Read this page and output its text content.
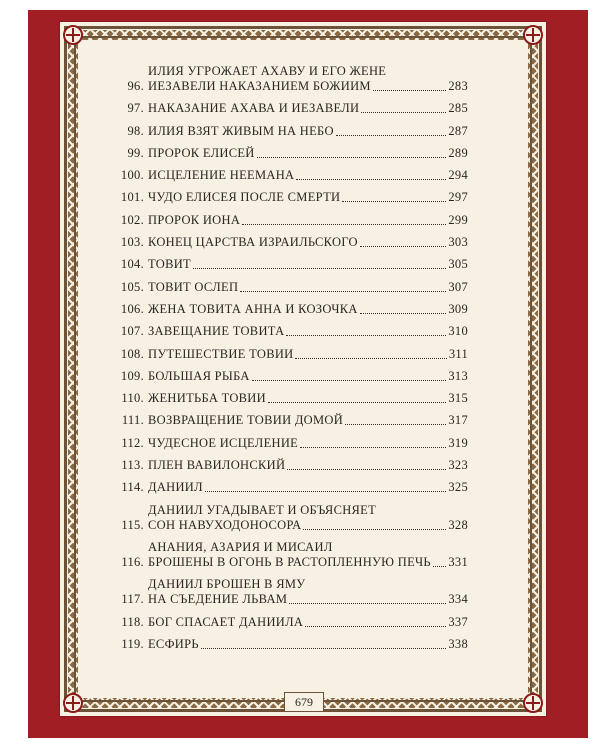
96.
ИЛИЯ УГРОЖАЕТ АХАВУ И ЕГО ЖЕНЕ
ИЕЗАВЕЛИ НАКАЗАНИЕМ БОЖИИМ	283
97. НАКАЗАНИЕ АХАВА И ИЕЗАВЕЛИ	285
98. ИЛИЯ ВЗЯТ ЖИВЫМ НА НЕБО	287
99. ПРОРОК ЕЛИСЕЙ	289
100. ИСЦЕЛЕНИЕ НЕЕМАНА	294
101. ЧУДО ЕЛИСЕЯ ПОСЛЕ СМЕРТИ	297
102. ПРОРОК ИОНА	299
103. КОНЕЦ ЦАРСТВА ИЗРАИЛЬСКОГО	303
104. ТОВИТ	305
105. ТОВИТ ОСЛЕП	307
106. ЖЕНА ТОВИТА АННА И КОЗОЧКА	309
107. ЗАВЕЩАНИЕ ТОВИТА	310
108. ПУТЕШЕСТВИЕ ТОВИИ	311
109. БОЛЬШАЯ РЫБА	313
110. ЖЕНИТЬБА ТОВИИ	315
111. ВОЗВРАЩЕНИЕ ТОВИИ ДОМОЙ	317
112. ЧУДЕСНОЕ ИСЦЕЛЕНИЕ	319
113. ПЛЕН ВАВИЛОНСКИЙ	323
114. ДАНИИЛ	325
115.
ДАНИИЛ УГАДЫВАЕТ И ОБЪЯСНЯЕТ
СОН НАВУХОДОНОСОРА	328
116.
АНАНИЯ, АЗАРИЯ И МИСАИЛ
БРОШЕНЫ В ОГОНЬ В РАСТОПЛЕННУЮ ПЕЧЬ 331
117.
ДАНИИЛ БРОШЕН В ЯМУ
НА СЪЕДЕНИЕ ЛЬВАМ	334
118. БОГ СПАСАЕТ ДАНИИЛА	337
119. ЕСФИРЬ	338
679
